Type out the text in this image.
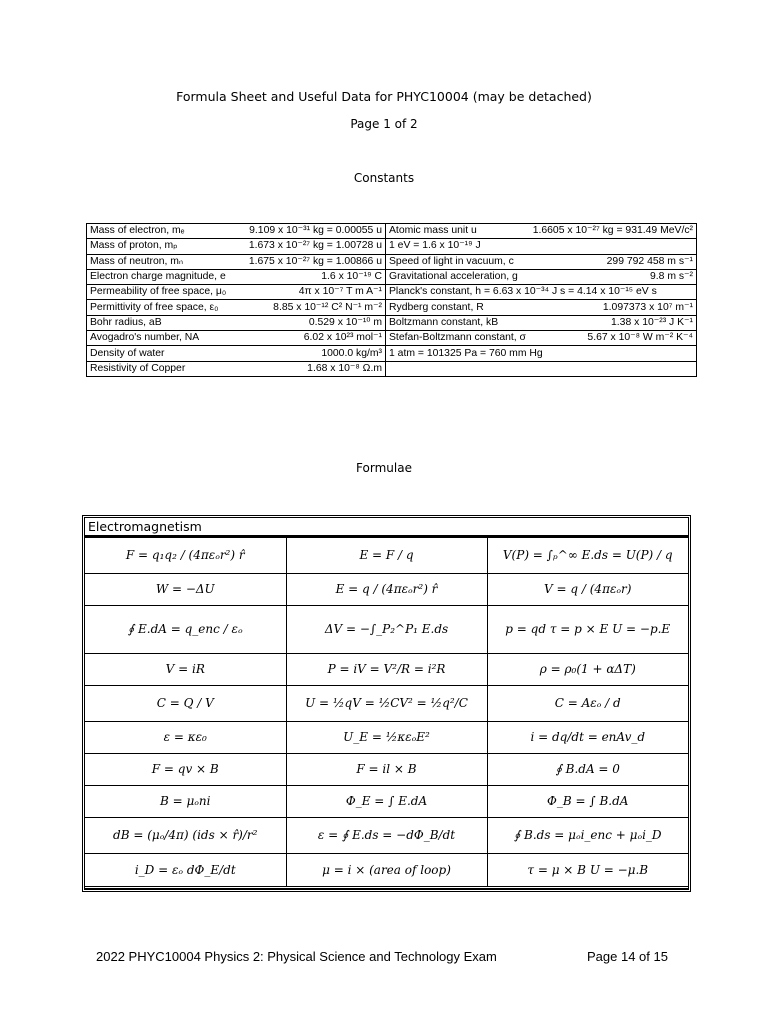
Formula Sheet and Useful Data for PHYC10004 (may be detached)
Page 1 of 2
Constants
Mass of electron, mₑ 9.109 x 10⁻³¹ kg = 0.00055 u	Atomic mass unit u 1.6605 x 10⁻²⁷ kg = 931.49 MeV/c²

Mass of proton, mₚ 1.673 x 10⁻²⁷ kg = 1.00728 u	1 eV = 1.6 x 10⁻¹⁹ J

Mass of neutron, mₙ 1.675 x 10⁻²⁷ kg = 1.00866 u	Speed of light in vacuum, c 299 792 458 m s⁻¹

Electron charge magnitude, e 1.6 x 10⁻¹⁹ C	Gravitational acceleration, g 9.8 m s⁻²

Permeability of free space, μ₀ 4π x 10⁻⁷ T m A⁻¹	Planck's constant, h = 6.63 x 10⁻³⁴ J s = 4.14 x 10⁻¹⁵ eV s

Permittivity of free space, ε₀ 8.85 x 10⁻¹² C² N⁻¹ m⁻²	Rydberg constant, R 1.097373 x 10⁷ m⁻¹

Bohr radius, aB 0.529 x 10⁻¹⁰ m	Boltzmann constant, kB 1.38 x 10⁻²³ J K⁻¹

Avogadro's number, NA 6.02 x 10²³ mol⁻¹	Stefan-Boltzmann constant, σ 5.67 x 10⁻⁸ W m⁻² K⁻⁴

Density of water 1000.0 kg/m³	1 atm = 101325 Pa = 760 mm Hg

Resistivity of Copper 1.68 x 10⁻⁸ Ω.m	

Formulae
Electromagnetism
F = q₁q₂ / (4πεₒr²) r̂	E = F / q	V(P) = ∫ₚ^∞ E.ds = U(P) / q
W = −ΔU	E = q / (4πεₒr²) r̂	V = q / (4πεₒr)
∮ E.dA = q_enc / εₒ	ΔV = −∫_P₂^P₁ E.ds	p = qd τ = p × E U = −p.E
V = iR	P = iV = V²/R = i²R	ρ = ρ₀(1 + αΔT)
C = Q / V	U = ½qV = ½CV² = ½q²/C	C = Aεₒ / d
ε = κε₀	U_E = ½κεₒE²	i = dq/dt = enAv_d
F = qv × B	F = il × B	∮ B.dA = 0
B = μₒni	Φ_E = ∫ E.dA	Φ_B = ∫ B.dA
dB = (μₒ/4π) (ids × r̂)/r²	ε = ∮ E.ds = −dΦ_B/dt	∮ B.ds = μₒi_enc + μₒi_D
i_D = εₒ dΦ_E/dt	μ = i × (area of loop)	τ = μ × B U = −μ.B
2022 PHYC10004 Physics 2: Physical Science and Technology Exam	Page 14 of 15
